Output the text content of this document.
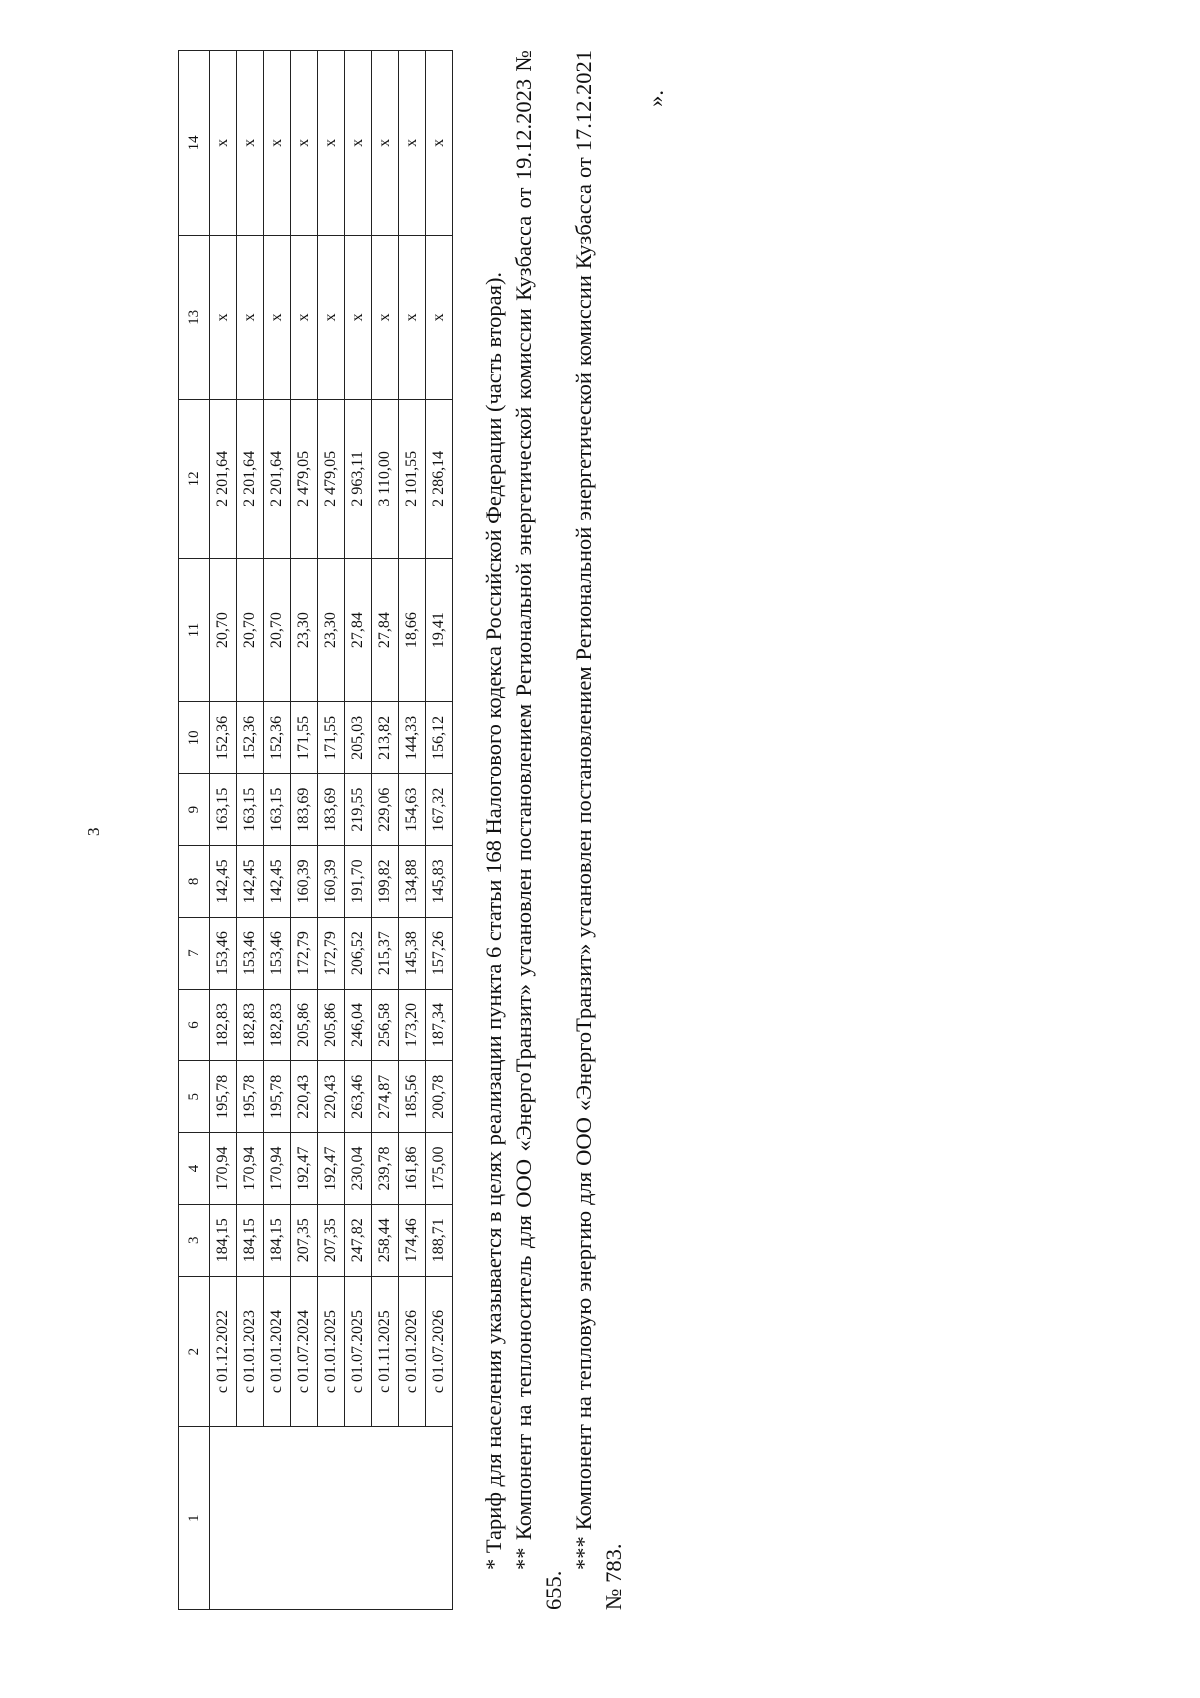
3
1	2	3	4	5	6	7	8	9	10	11	12	13	14
	с 01.12.2022	184,15	170,94	195,78	182,83	153,46	142,45	163,15	152,36	20,70	2 201,64	х	х
	с 01.01.2023	184,15	170,94	195,78	182,83	153,46	142,45	163,15	152,36	20,70	2 201,64	х	х
	с 01.01.2024	184,15	170,94	195,78	182,83	153,46	142,45	163,15	152,36	20,70	2 201,64	х	х
	с 01.07.2024	207,35	192,47	220,43	205,86	172,79	160,39	183,69	171,55	23,30	2 479,05	х	х
	с 01.01.2025	207,35	192,47	220,43	205,86	172,79	160,39	183,69	171,55	23,30	2 479,05	х	х
	с 01.07.2025	247,82	230,04	263,46	246,04	206,52	191,70	219,55	205,03	27,84	2 963,11	х	х
	с 01.11.2025	258,44	239,78	274,87	256,58	215,37	199,82	229,06	213,82	27,84	3 110,00	х	х
	с 01.01.2026	174,46	161,86	185,56	173,20	145,38	134,88	154,63	144,33	18,66	2 101,55	х	х
	с 01.07.2026	188,71	175,00	200,78	187,34	157,26	145,83	167,32	156,12	19,41	2 286,14	х	х

* Тариф для населения указывается в целях реализации пункта 6 статьи 168 Налогового кодекса Российской Федерации (часть вторая). ** Компонент на теплоноситель для ООО «ЭнергоТранзит» установлен постановлением Региональной энергетической комиссии Кузбасса от 19.12.2023 № 655.

*** Компонент на тепловую энергию для ООО «ЭнергоТранзит» установлен постановлением Региональной энергетической комиссии Кузбасса от 17.12.2021 № 783.

».
